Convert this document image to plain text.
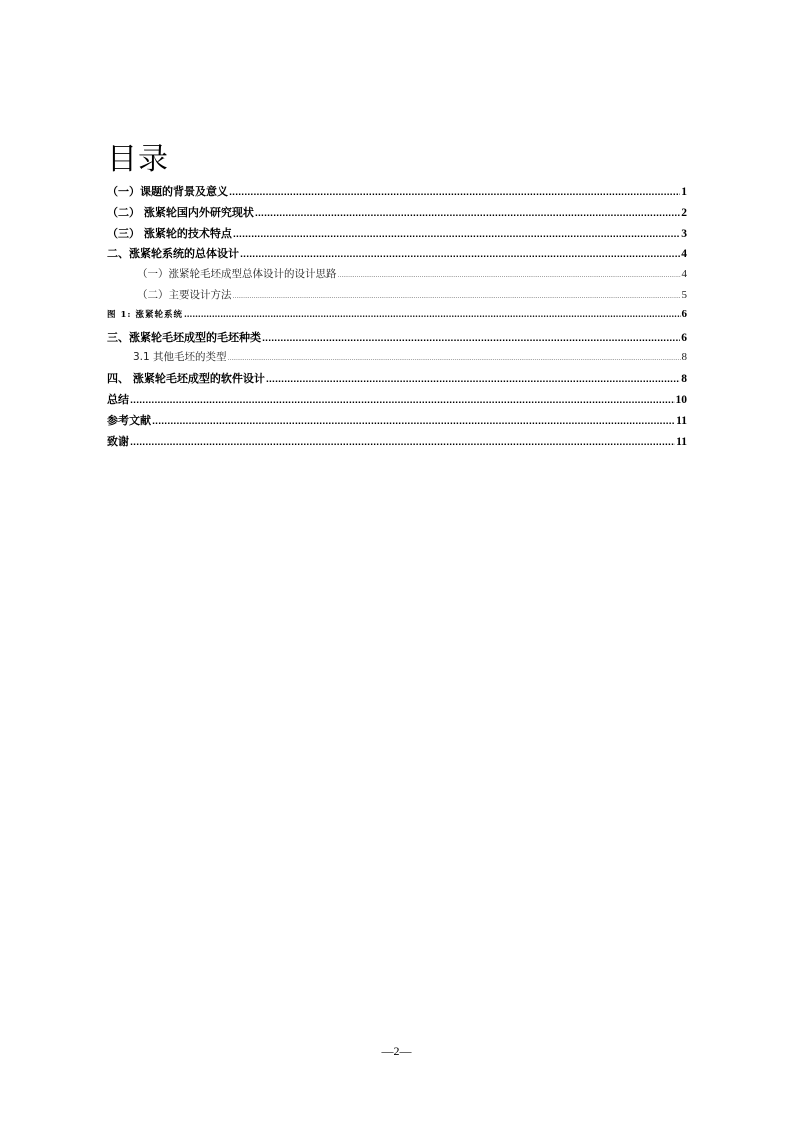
目录
（一）课题的背景及意义 .....	1
（二） 涨紧轮国内外研究现状 .....	2
（三） 涨紧轮的技术特点 .....	3
二、涨紧轮系统的总体设计 .....	4
（一）涨紧轮毛坯成型总体设计的设计思路 .....	4
（二）主要设计方法 .....	5
图 1: 涨紧轮系统 .....	6
三、涨紧轮毛坯成型的毛坯种类 .....	6
3.1 其他毛坯的类型 .....	8
四、 涨紧轮毛坯成型的软件设计 .....	8
总结 .....	10
参考文献 .....	11
致谢 .....	11
—2—
